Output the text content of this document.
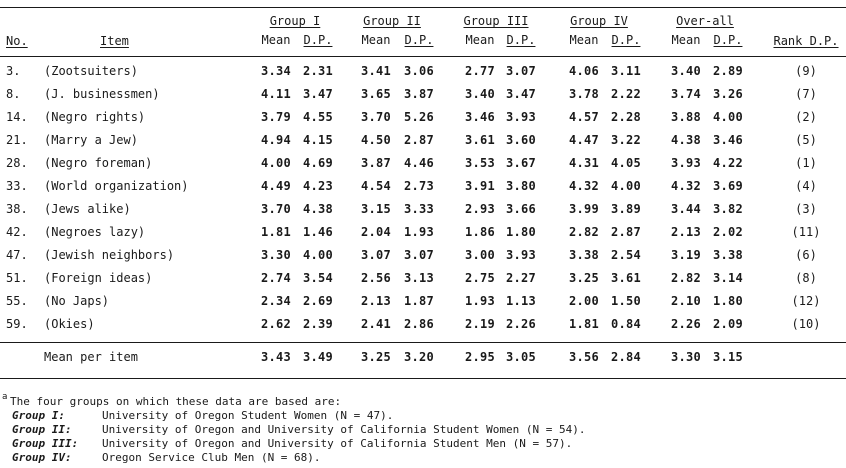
Group I	Group II	Group III	Group IV	Over-all
No.	Item	Mean	D.P.	Mean	D.P.	Mean	D.P.	Mean	D.P.	Mean	D.P.	Rank D.P.
3. (Zootsuiters)	3.34 2.31	3.41	3.06	2.77 3.07	4.06 3.11	3.40 2.89	(9)
8. (J. businessmen)	4.11 3.47	3.65	3.87	3.40 3.47	3.78 2.22	3.74 3.26	(7)
14. (Negro rights)	3.79 4.55	3.70	5.26	3.46 3.93	4.57 2.28	3.88 4.00	(2)
21. (Marry a Jew)	4.94 4.15	4.50	2.87	3.61 3.60	4.47 3.22	4.38 3.46	(5)
28. (Negro foreman)	4.00 4.69	3.87	4.46	3.53 3.67	4.31 4.05	3.93 4.22	(1)
33. (World organization)	4.49 4.23	4.54	2.73	3.91 3.80	4.32 4.00	4.32 3.69	(4)
38. (Jews alike)	3.70 4.38	3.15	3.33	2.93 3.66	3.99 3.89	3.44 3.82	(3)
42. (Negroes lazy)	1.81 1.46	2.04	1.93	1.86 1.80	2.82 2.87	2.13 2.02	(11)
47. (Jewish neighbors)	3.30 4.00	3.07	3.07	3.00 3.93	3.38 2.54	3.19 3.38	(6)
51. (Foreign ideas)	2.74 3.54	2.56	3.13	2.75 2.27	3.25 3.61	2.82 3.14	(8)
55. (No Japs)	2.34 2.69	2.13	1.87	1.93 1.13	2.00 1.50	2.10 1.80	(12)
59. (Okies)	2.62 2.39	2.41	2.86	2.19 2.26	1.81 0.84	2.26 2.09	(10)
Mean per item	3.43 3.49	3.25	3.20	2.95 3.05	3.56 2.84	3.30 3.15
a The four groups on which these data are based are:
Group I:	University of Oregon Student Women (N = 47).
Group II:	University of Oregon and University of California Student Women (N = 54).
Group III: University of Oregon and University of California Student Men (N = 57).
Group IV:	Oregon Service Club Men (N = 68).
